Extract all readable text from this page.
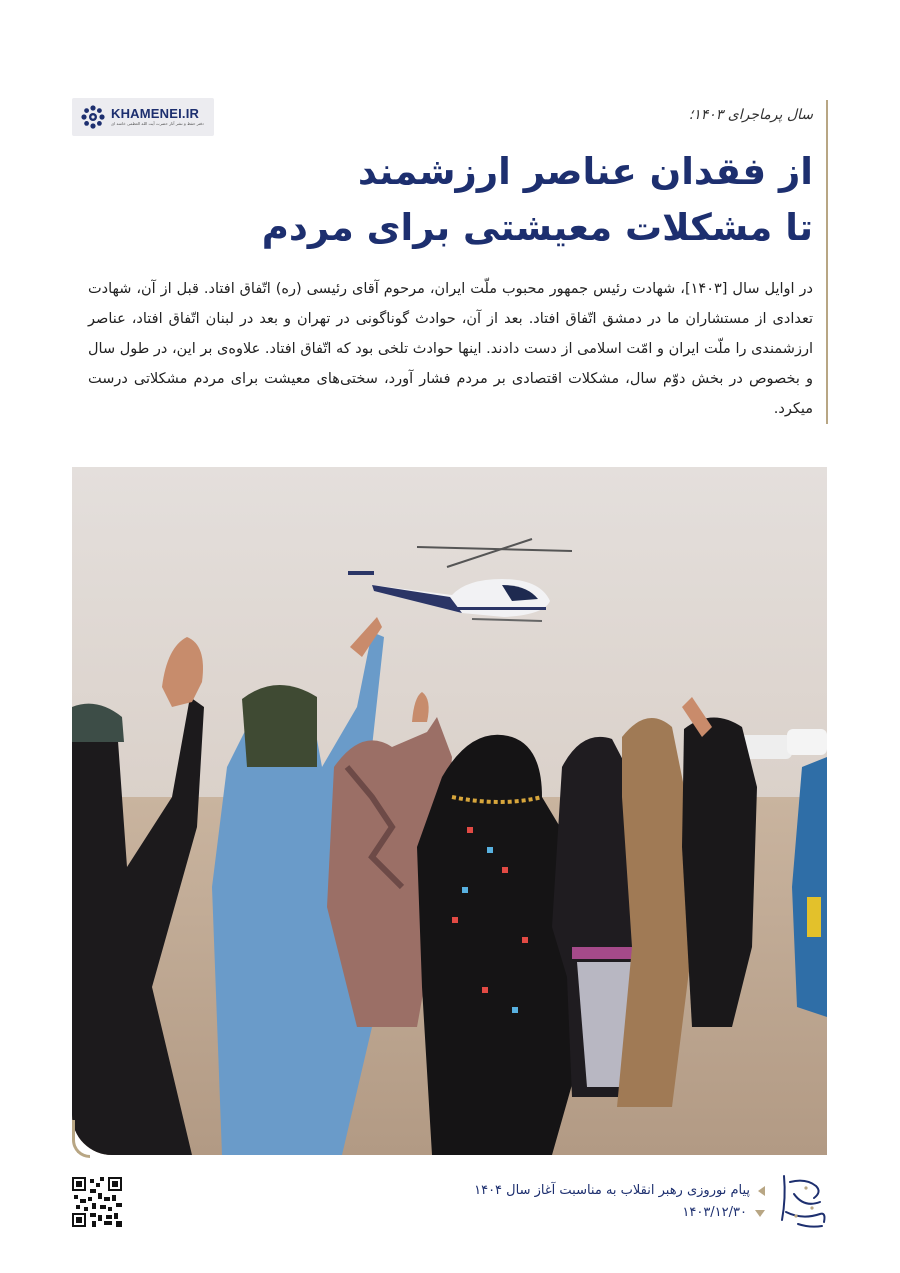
KHAMENEI.IR
دفتر حفظ و نشر آثار حضرت آیت الله العظمی خامنه ای

سال پرماجرای ۱۴۰۳؛

از فقدان عناصر ارزشمند
تا مشکلات معیشتی برای مردم

در اوایل سال [۱۴۰۳]، شهادت رئیس جمهور محبوب ملّت ایران، مرحوم آقای رئیسی (ره) اتّفاق افتاد. قبل از آن، شهادت تعدادی از مستشاران ما در دمشق اتّفاق افتاد. بعد از آن، حوادث گوناگونی در تهران و بعد در لبنان اتّفاق افتاد، عناصر ارزشمندی را ملّت ایران و امّت اسلامی از دست دادند. اینها حوادث تلخی بود که اتّفاق افتاد. علاوه‌ی بر این، در طول سال و بخصوص در بخش دوّم سال، مشکلات اقتصادی بر مردم فشار آورد، سختی‌های معیشت برای مردم مشکلاتی درست میکرد.

پیام نوروزی رهبر انقلاب به مناسبت آغاز سال ۱۴۰۴
۱۴۰۳/۱۲/۳۰
